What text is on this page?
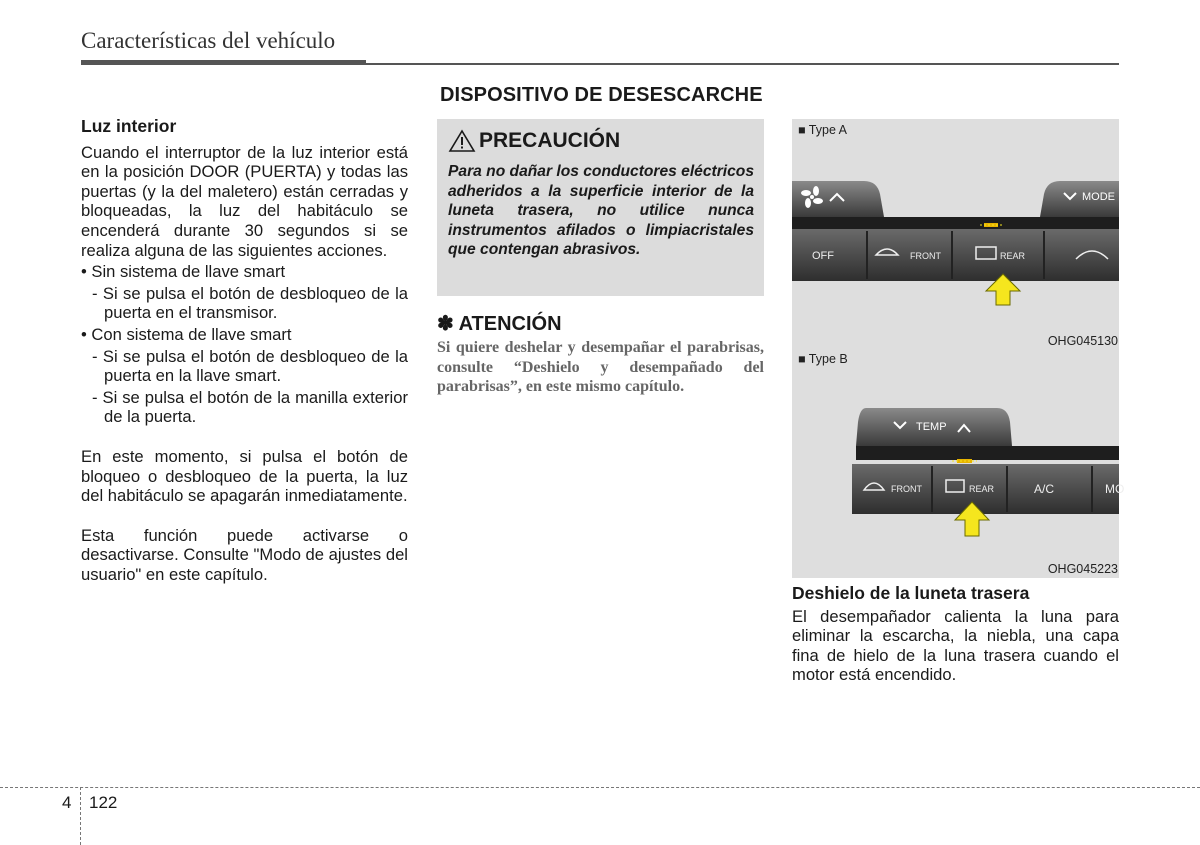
Características del vehículo
Luz interior

Cuando el interruptor de la luz interior está en la posición DOOR (PUERTA) y todas las puertas (y la del maletero) están cerradas y bloqueadas, la luz del habitáculo se encenderá durante 30 segundos si se realiza alguna de las siguientes acciones.

• Sin sistema de llave smart

- Si se pulsa el botón de desbloqueo de la puerta en el transmisor.

• Con sistema de llave smart

- Si se pulsa el botón de desbloqueo de la puerta en la llave smart.

- Si se pulsa el botón de la manilla exterior de la puerta.

En este momento, si pulsa el botón de bloqueo o desbloqueo de la puerta, la luz del habitáculo se apagarán inmediatamente.

Esta función puede activarse o desactivarse. Consulte "Modo de ajustes del usuario" en este capítulo.

DISPOSITIVO DE DESESCARCHE
PRECAUCIÓN
Para no dañar los conductores eléctricos adheridos a la superficie interior de la luneta trasera, no utilice nunca instrumentos afilados o limpiacristales que contengan abrasivos.
✽ ATENCIÓN
Si quiere deshelar y desempañar el parabrisas, consulte “Deshielo y desempañado del parabrisas”, en este mismo capítulo.
■ Type A
MODE
OFF	FRONT	REAR
OHG045130
■ Type B
TEMP
FRONT	REAR	A/C	MO
OHG045223
Deshielo de la luneta trasera

El desempañador calienta la luna para eliminar la escarcha, la niebla, una capa fina de hielo de la luna trasera cuando el motor está encendido.

4 122
